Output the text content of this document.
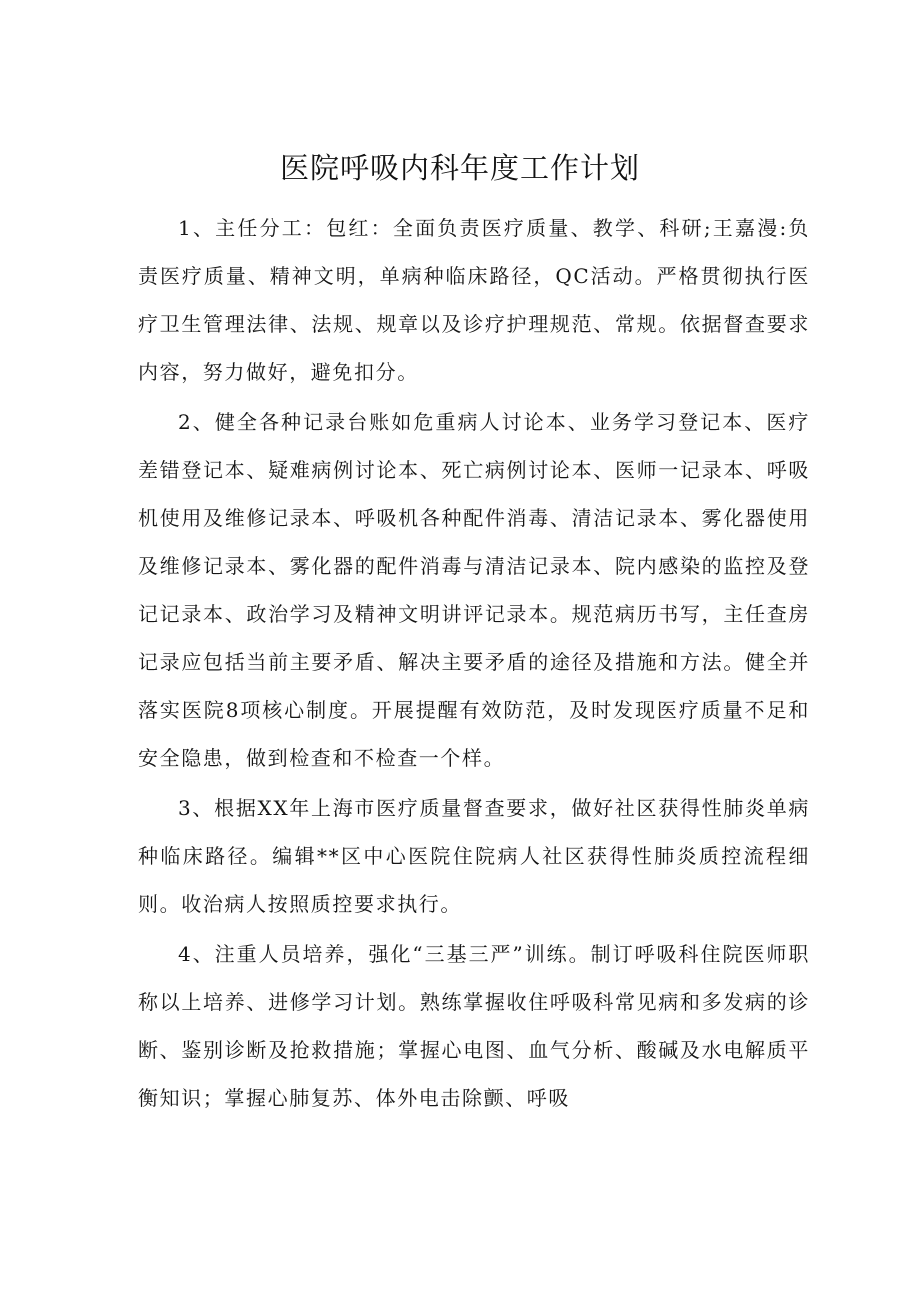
医院呼吸内科年度工作计划

1、主任分工：包红：全面负责医疗质量、教学、科研;王嘉漫:负责医疗质量、精神文明，单病种临床路径，QC活动。严格贯彻执行医疗卫生管理法律、法规、规章以及诊疗护理规范、常规。依据督查要求内容，努力做好，避免扣分。

2、健全各种记录台账如危重病人讨论本、业务学习登记本、医疗差错登记本、疑难病例讨论本、死亡病例讨论本、医师一记录本、呼吸机使用及维修记录本、呼吸机各种配件消毒、清洁记录本、雾化器使用及维修记录本、雾化器的配件消毒与清洁记录本、院内感染的监控及登记记录本、政治学习及精神文明讲评记录本。规范病历书写，主任查房记录应包括当前主要矛盾、解决主要矛盾的途径及措施和方法。健全并落实医院8项核心制度。开展提醒有效防范，及时发现医疗质量不足和安全隐患，做到检查和不检查一个样。

3、根据XX年上海市医疗质量督查要求，做好社区获得性肺炎单病种临床路径。编辑**区中心医院住院病人社区获得性肺炎质控流程细则。收治病人按照质控要求执行。

4、注重人员培养，强化“三基三严”训练。制订呼吸科住院医师职称以上培养、进修学习计划。熟练掌握收住呼吸科常见病和多发病的诊断、鉴别诊断及抢救措施；掌握心电图、血气分析、酸碱及水电解质平衡知识；掌握心肺复苏、体外电击除颤、呼吸
